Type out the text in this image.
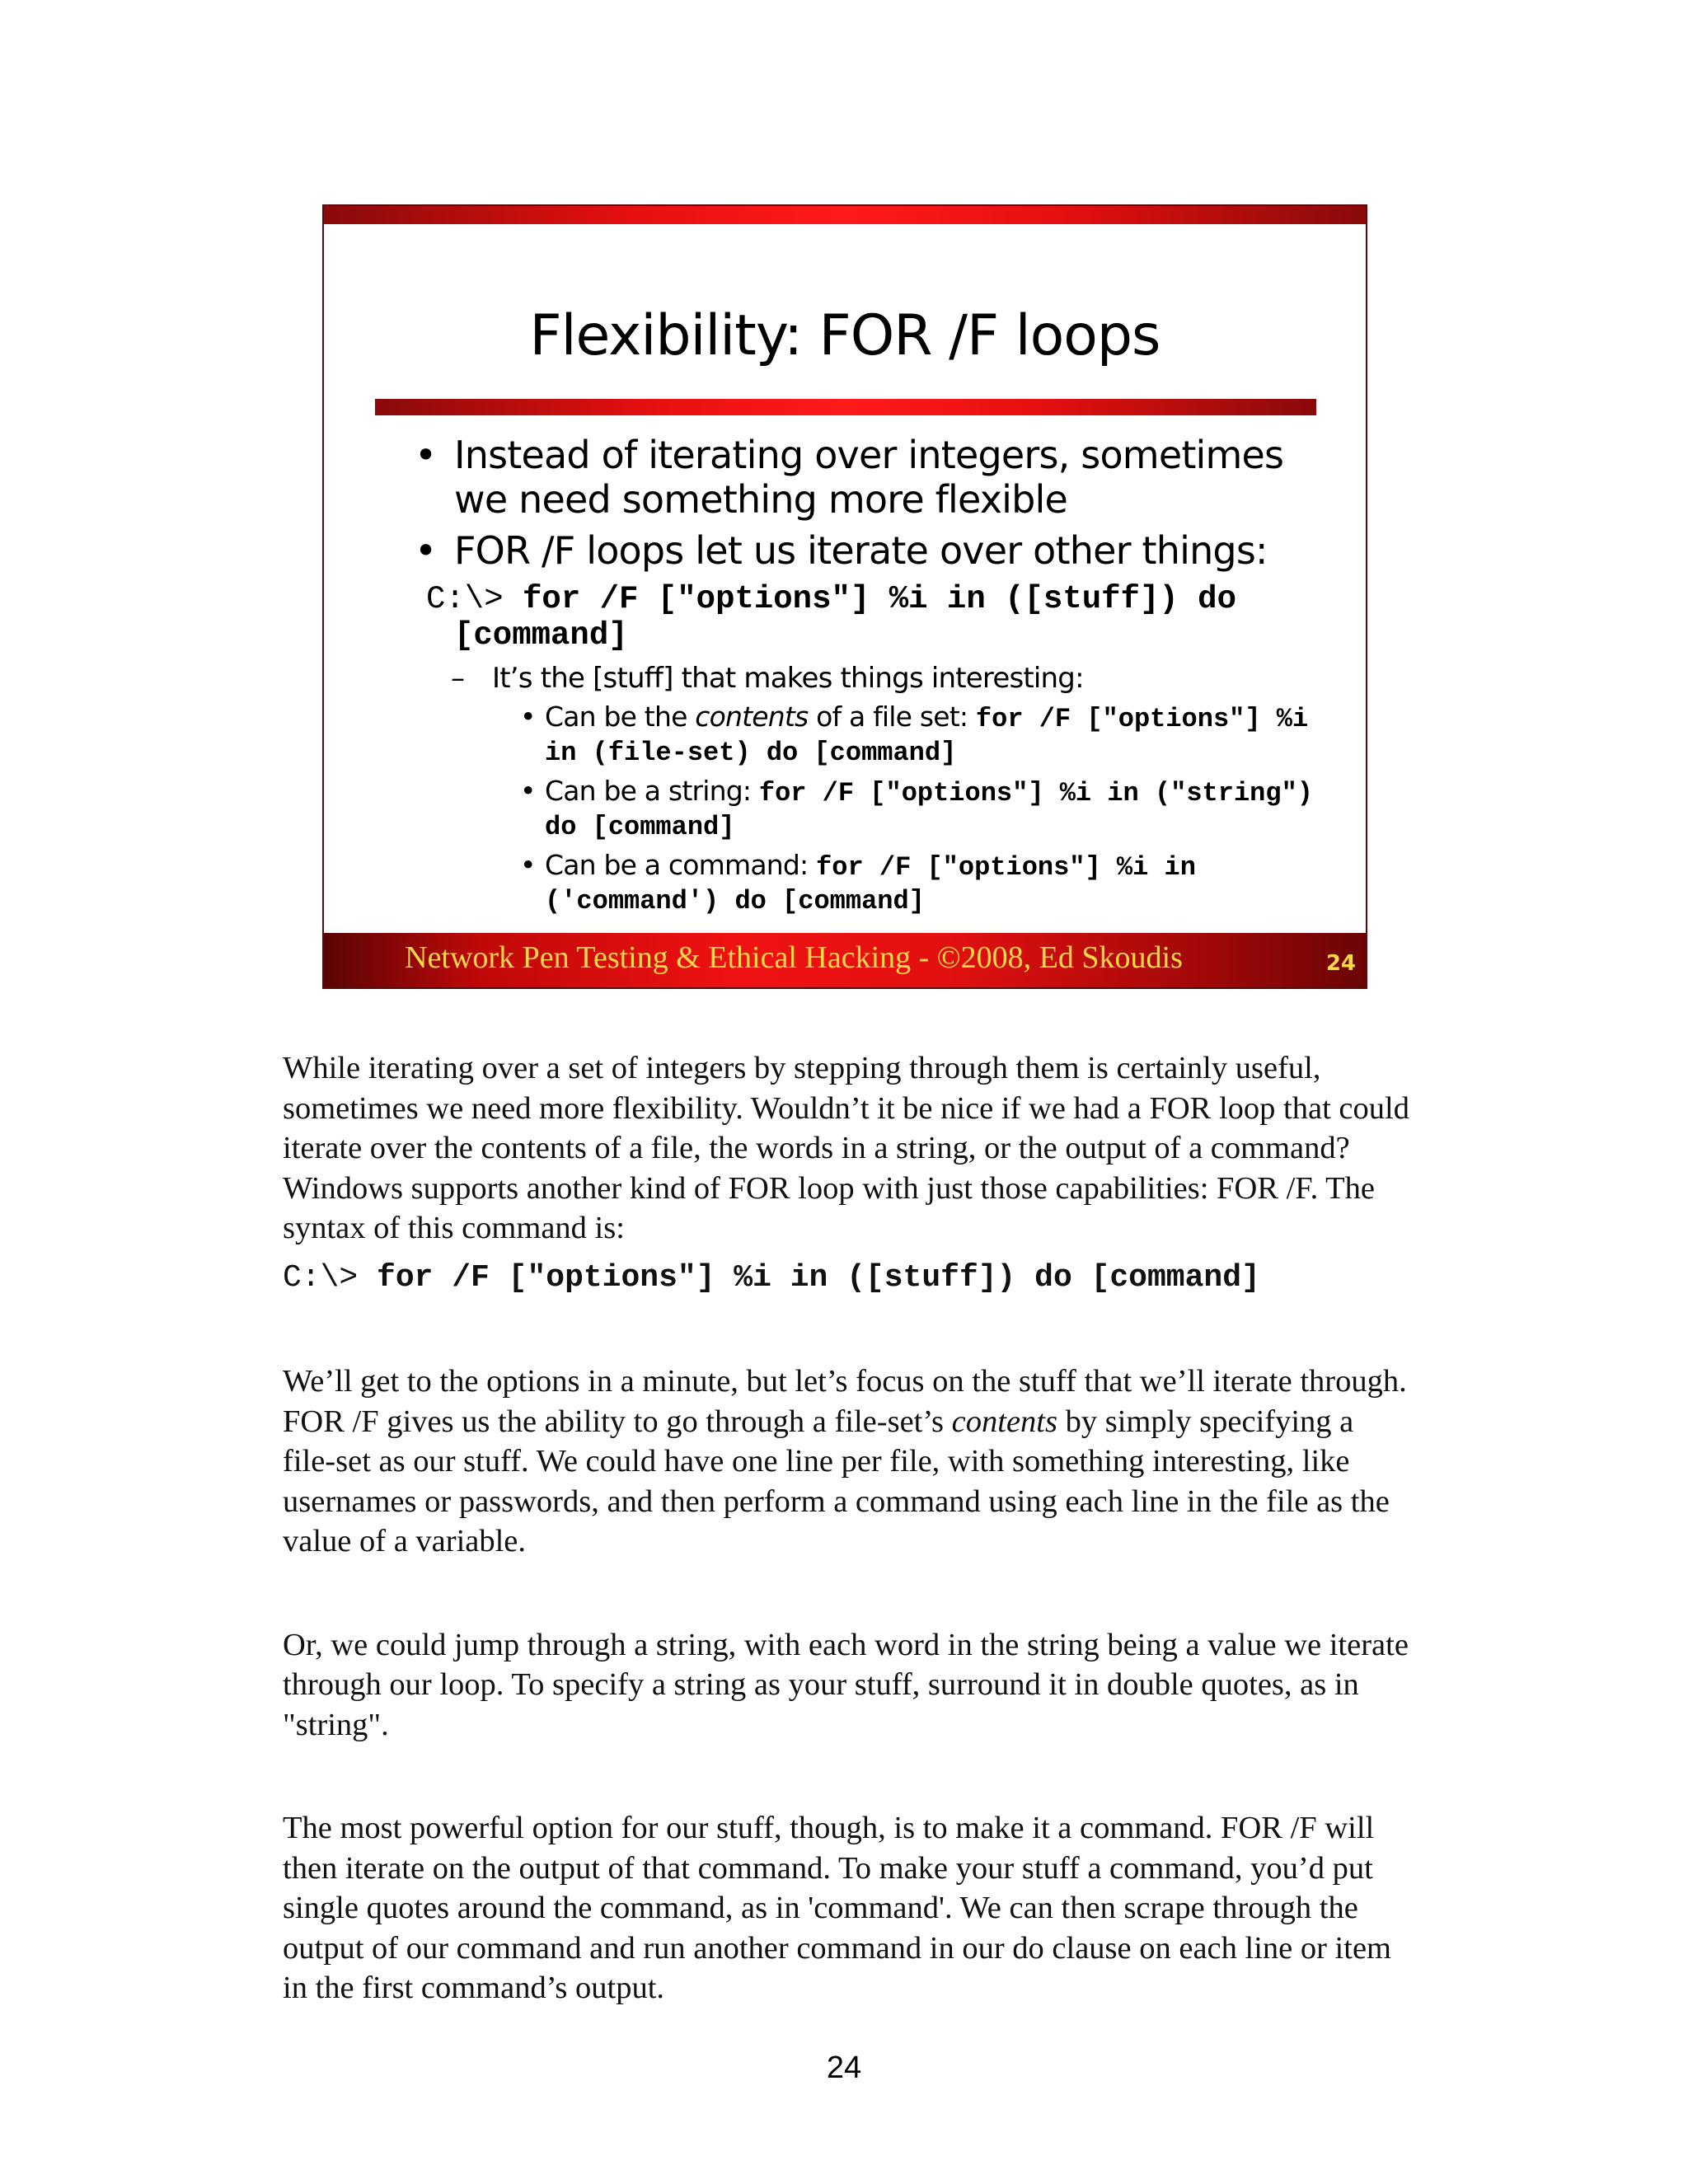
Flexibility: FOR /F loops
• Instead of iterating over integers, sometimes we need something more flexible
• FOR /F loops let us iterate over other things:
C:\> for /F ["options"] %i in ([stuff]) do [command]
– It’s the [stuff] that makes things interesting:
• Can be the contents of a file set: for /F ["options"] %i in (file-set) do [command]
• Can be a string: for /F ["options"] %i in ("string") do [command]
• Can be a command: for /F ["options"] %i in ('command') do [command]
Network Pen Testing & Ethical Hacking - ©2008, Ed Skoudis	24

While iterating over a set of integers by stepping through them is certainly useful, sometimes we need more flexibility. Wouldn’t it be nice if we had a FOR loop that could iterate over the contents of a file, the words in a string, or the output of a command? Windows supports another kind of FOR loop with just those capabilities: FOR /F. The syntax of this command is:

C:\> for /F ["options"] %i in ([stuff]) do [command]

We’ll get to the options in a minute, but let’s focus on the stuff that we’ll iterate through. FOR /F gives us the ability to go through a file-set’s contents by simply specifying a file-set as our stuff. We could have one line per file, with something interesting, like usernames or passwords, and then perform a command using each line in the file as the value of a variable.

Or, we could jump through a string, with each word in the string being a value we iterate through our loop. To specify a string as your stuff, surround it in double quotes, as in "string".

The most powerful option for our stuff, though, is to make it a command. FOR /F will then iterate on the output of that command. To make your stuff a command, you’d put single quotes around the command, as in 'command'. We can then scrape through the output of our command and run another command in our do clause on each line or item in the first command’s output.

24
